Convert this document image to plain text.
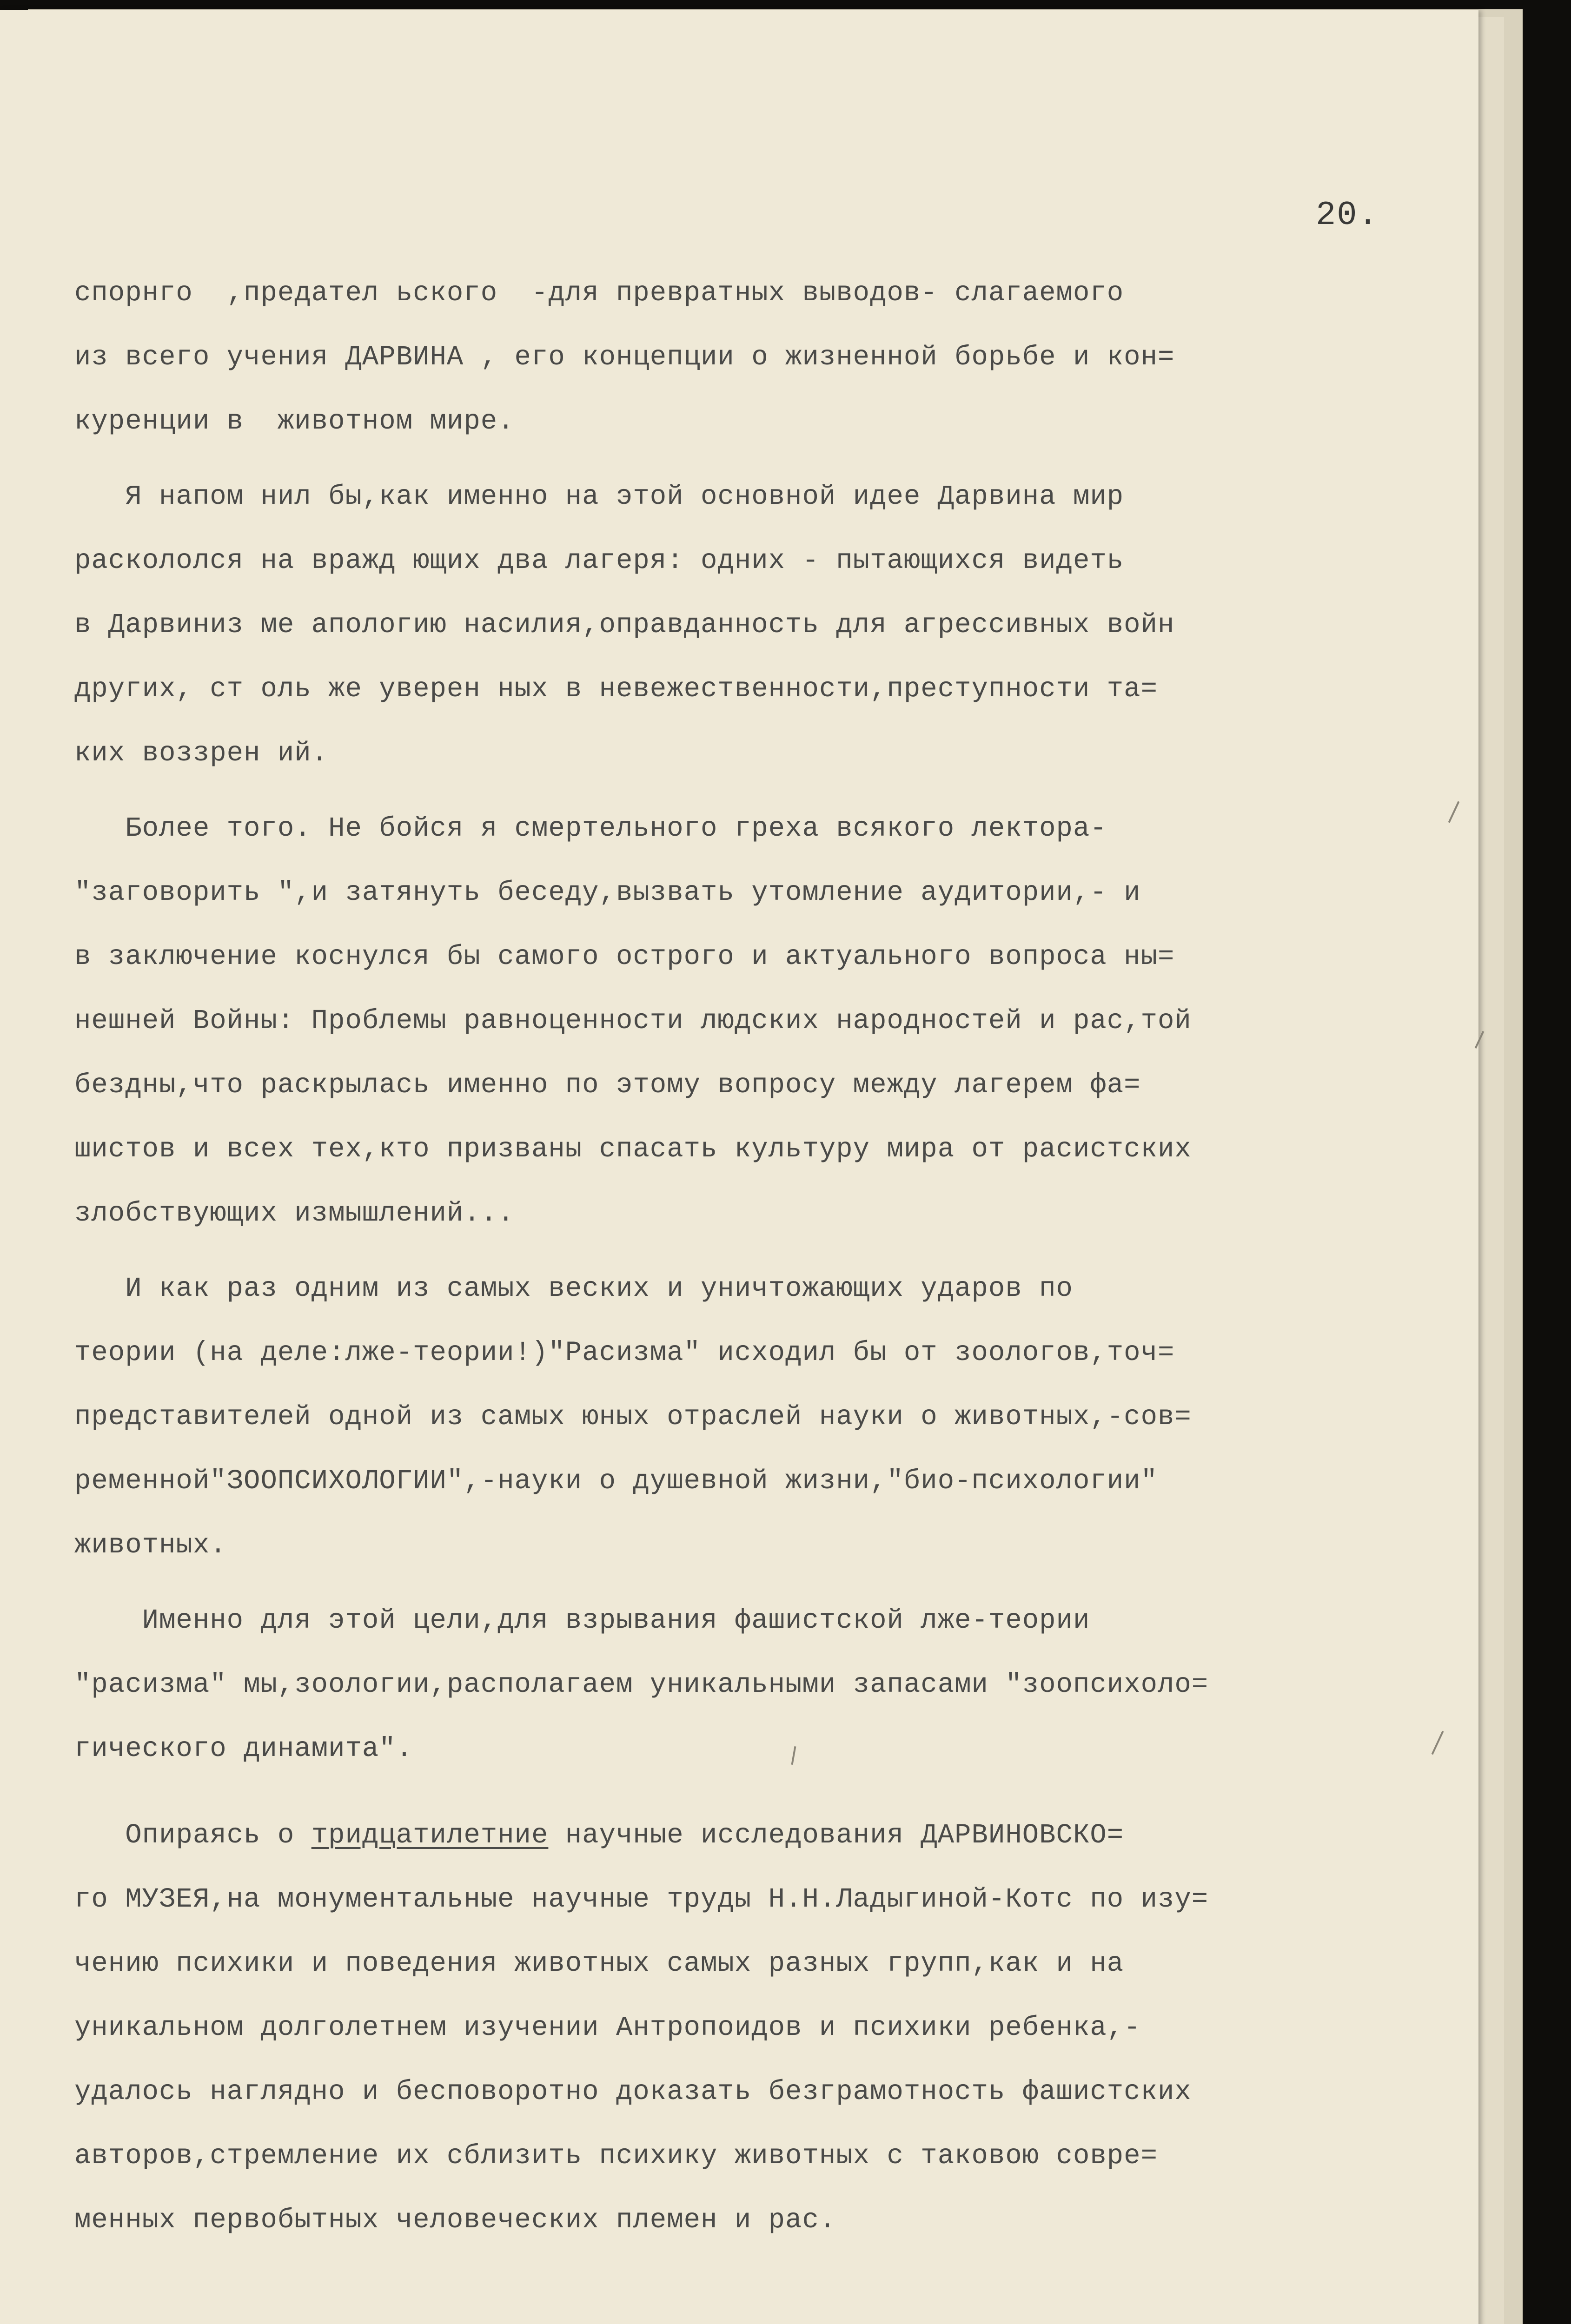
20.
спорнго  ,предател ьского  -для превратных выводов- слагаемого
из всего учения ДАРВИНА , его концепции о жизненной борьбе и кон=
куренции в  животном мире.
Я напом нил бы,как именно на этой основной идее Дарвина мир
раскололся на вражд ющих два лагеря: одних - пытающихся видеть
в Дарвиниз ме апологию насилия,оправданность для агрессивных войн
других, ст оль же уверен ных в невежественности,преступности та=
ких воззрен ий.
Более того. Не бойся я смертельного греха всякого лектора-
"заговорить ",и затянуть беседу,вызвать утомление аудитории,- и
в заключение коснулся бы самого острого и актуального вопроса ны=
нешней Войны: Проблемы равноценности людских народностей и рас,той
бездны,что раскрылась именно по этому вопросу между лагерем фа=
шистов и всех тех,кто призваны спасать культуру мира от расистских
злобствующих измышлений...
И как раз одним из самых веских и уничтожающих ударов по
теории (на деле:лже-теории!)"Расизма" исходил бы от зоологов,точ=
представителей одной из самых юных отраслей науки о животных,-сов=
ременной"ЗООПСИХОЛОГИИ",-науки о душевной жизни,"био-психологии"
животных.
Именно для этой цели,для взрывания фашистской лже-теории
"расизма" мы,зоологии,располагаем уникальными запасами "зоопсихоло=
гического динамита".
Опираясь о тридцатилетние научные исследования ДАРВИНОВСКО=
го МУЗЕЯ,на монументальные научные труды Н.Н.Ладыгиной-Котс по изу=
чению психики и поведения животных самых разных групп,как и на
уникальном долголетнем изучении Антропоидов и психики ребенка,-
удалось наглядно и бесповоротно доказать безграмотность фашистских
авторов,стремление их сблизить психику животных с таковою совре=
менных первобытных человеческих племен и рас.
